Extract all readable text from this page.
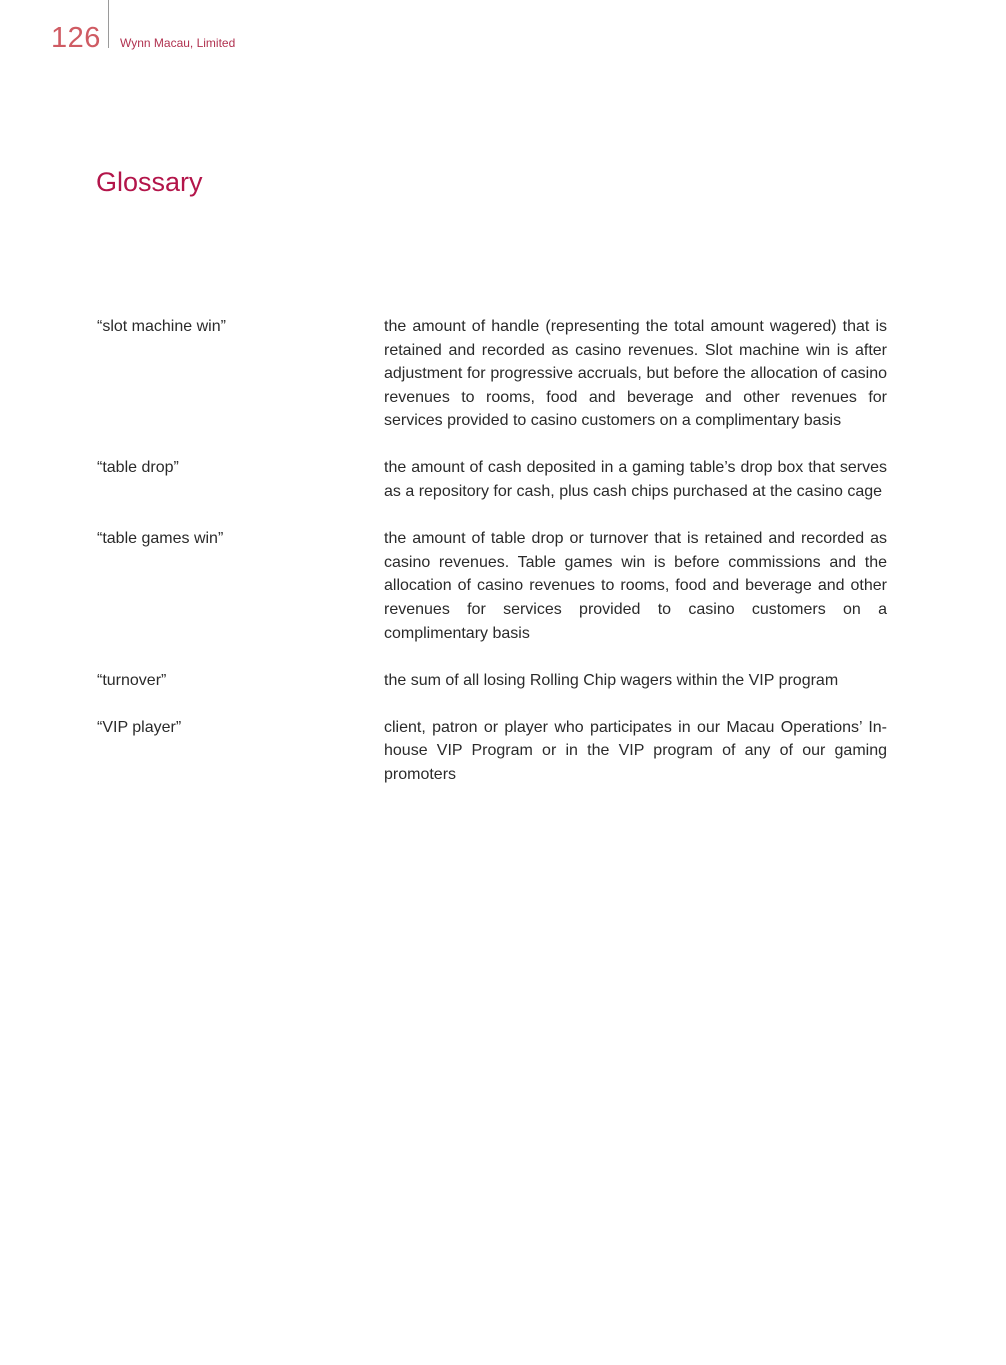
126 Wynn Macau, Limited
Glossary
“slot machine win”	the amount of handle (representing the total amount wagered) that is retained and recorded as casino revenues. Slot machine win is after adjustment for progressive accruals, but before the allocation of casino revenues to rooms, food and beverage and other revenues for services provided to casino customers on a complimentary basis
“table drop”	the amount of cash deposited in a gaming table’s drop box that serves as a repository for cash, plus cash chips purchased at the casino cage
“table games win”	the amount of table drop or turnover that is retained and recorded as casino revenues. Table games win is before commissions and the allocation of casino revenues to rooms, food and beverage and other revenues for services provided to casino customers on a complimentary basis
“turnover”	the sum of all losing Rolling Chip wagers within the VIP program
“VIP player”	client, patron or player who participates in our Macau Operations’ In-house VIP Program or in the VIP program of any of our gaming promoters
